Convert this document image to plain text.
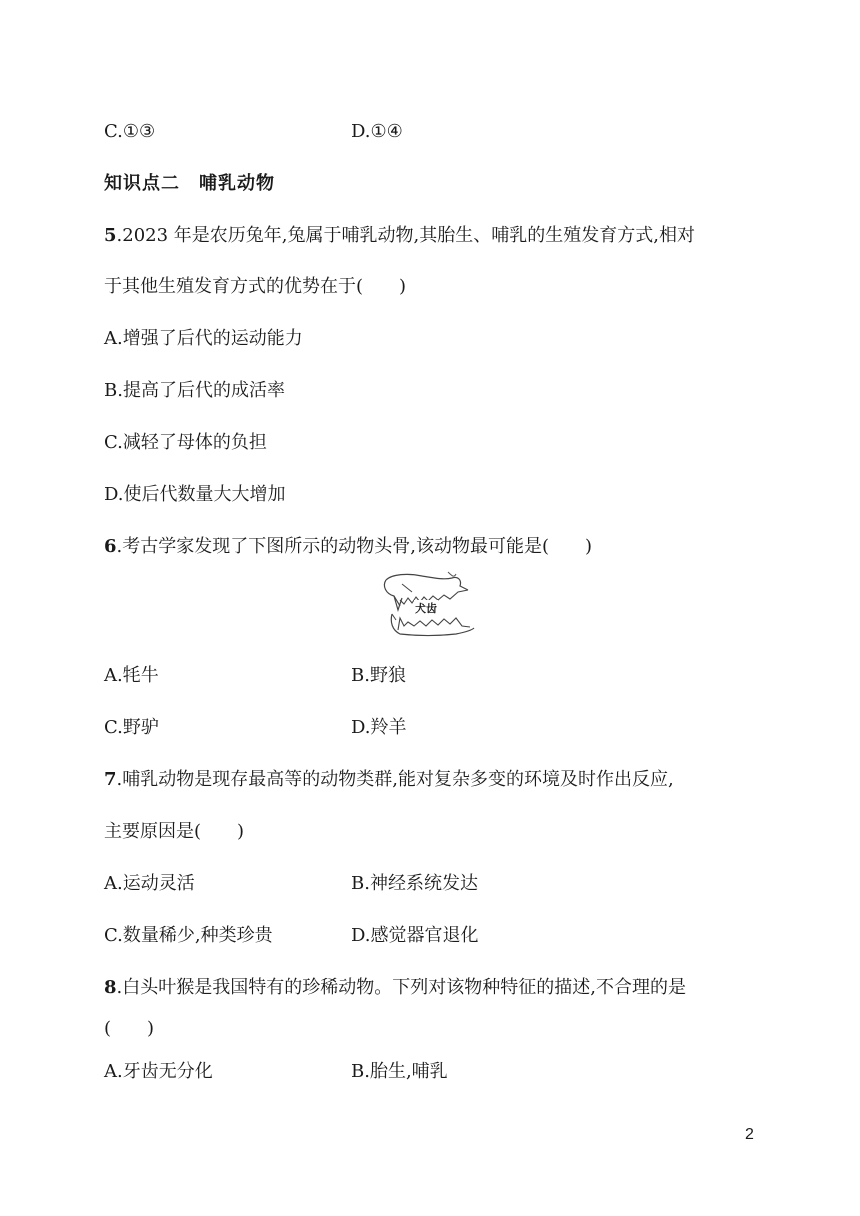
C.①③	D.①④
知识点二　哺乳动物
5.2023 年是农历兔年,兔属于哺乳动物,其胎生、哺乳的生殖发育方式,相对
于其他生殖发育方式的优势在于(　　)
A.增强了后代的运动能力
B.提高了后代的成活率
C.减轻了母体的负担
D.使后代数量大大增加
6.考古学家发现了下图所示的动物头骨,该动物最可能是(　　)
犬齿
A.牦牛	B.野狼
C.野驴	D.羚羊
7.哺乳动物是现存最高等的动物类群,能对复杂多变的环境及时作出反应,
主要原因是(　　)
A.运动灵活	B.神经系统发达
C.数量稀少,种类珍贵	D.感觉器官退化
8.白头叶猴是我国特有的珍稀动物。下列对该物种特征的描述,不合理的是
(　　)
A.牙齿无分化	B.胎生,哺乳
2
